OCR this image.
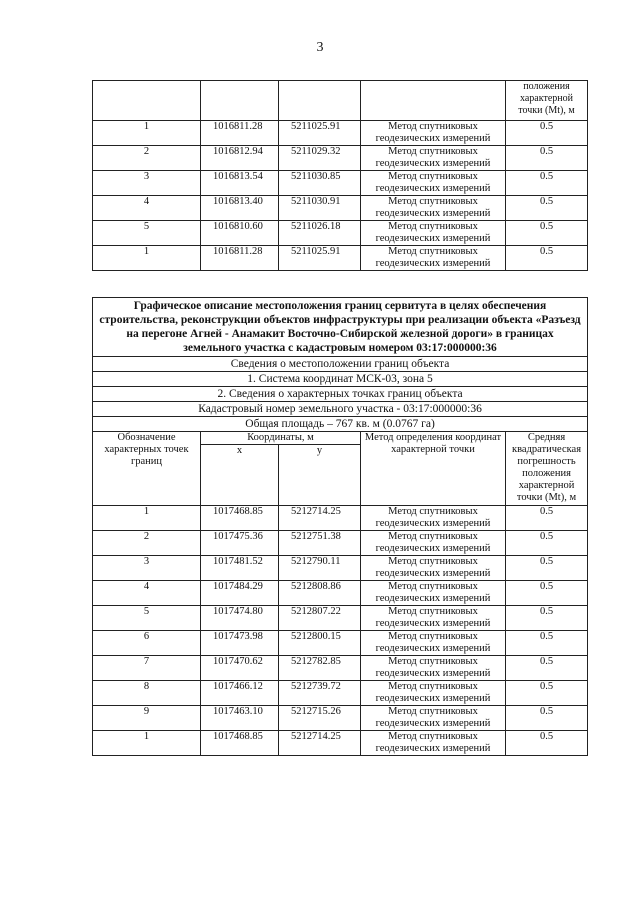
3
				положения характерной точки (Mt), м
1	1016811.28	5211025.91	Метод спутниковых геодезических измерений	0.5
2	1016812.94	5211029.32	Метод спутниковых геодезических измерений	0.5
3	1016813.54	5211030.85	Метод спутниковых геодезических измерений	0.5
4	1016813.40	5211030.91	Метод спутниковых геодезических измерений	0.5
5	1016810.60	5211026.18	Метод спутниковых геодезических измерений	0.5
1	1016811.28	5211025.91	Метод спутниковых геодезических измерений	0.5
Графическое описание местоположения границ сервитута в целях обеспечения строительства, реконструкции объектов инфраструктуры при реализации объекта «Разъезд на перегоне Агней - Анамакит Восточно-Сибирской железной дороги» в границах земельного участка с кадастровым номером 03:17:000000:36				
Сведения о местоположении границ объекта				
1. Система координат МСК-03, зона 5				
2. Сведения о характерных точках границ объекта				
Кадастровый номер земельного участка - 03:17:000000:36				
Общая площадь – 767 кв. м (0.0767 га)				
Обозначение характерных точек границ	Координаты, м		Метод определения координат характерной точки	Средняя квадратическая погрешность положения характерной точки (Mt), м
	x	y		
1	1017468.85	5212714.25	Метод спутниковых геодезических измерений	0.5
2	1017475.36	5212751.38	Метод спутниковых геодезических измерений	0.5
3	1017481.52	5212790.11	Метод спутниковых геодезических измерений	0.5
4	1017484.29	5212808.86	Метод спутниковых геодезических измерений	0.5
5	1017474.80	5212807.22	Метод спутниковых геодезических измерений	0.5
6	1017473.98	5212800.15	Метод спутниковых геодезических измерений	0.5
7	1017470.62	5212782.85	Метод спутниковых геодезических измерений	0.5
8	1017466.12	5212739.72	Метод спутниковых геодезических измерений	0.5
9	1017463.10	5212715.26	Метод спутниковых геодезических измерений	0.5
1	1017468.85	5212714.25	Метод спутниковых геодезических измерений	0.5
